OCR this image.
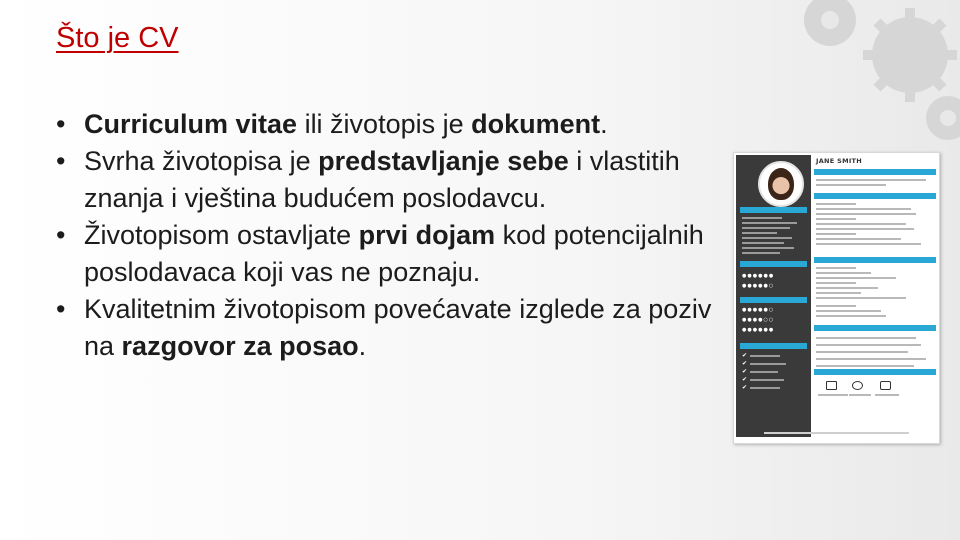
Što je CV
• Curriculum vitae ili životopis je dokument.
• Svrha životopisa je predstavljanje sebe i vlastitih znanja i vještina budućem poslodavcu.
• Životopisom ostavljate prvi dojam kod potencijalnih poslodavaca koji vas ne poznaju.
• Kvalitetnim životopisom povećavate izglede za poziv na razgovor za posao.
●●●●●●
●●●●●○
●●●●●○
●●●●○○
●●●●●●
✔
✔
✔
✔
✔
JANE SMITH
